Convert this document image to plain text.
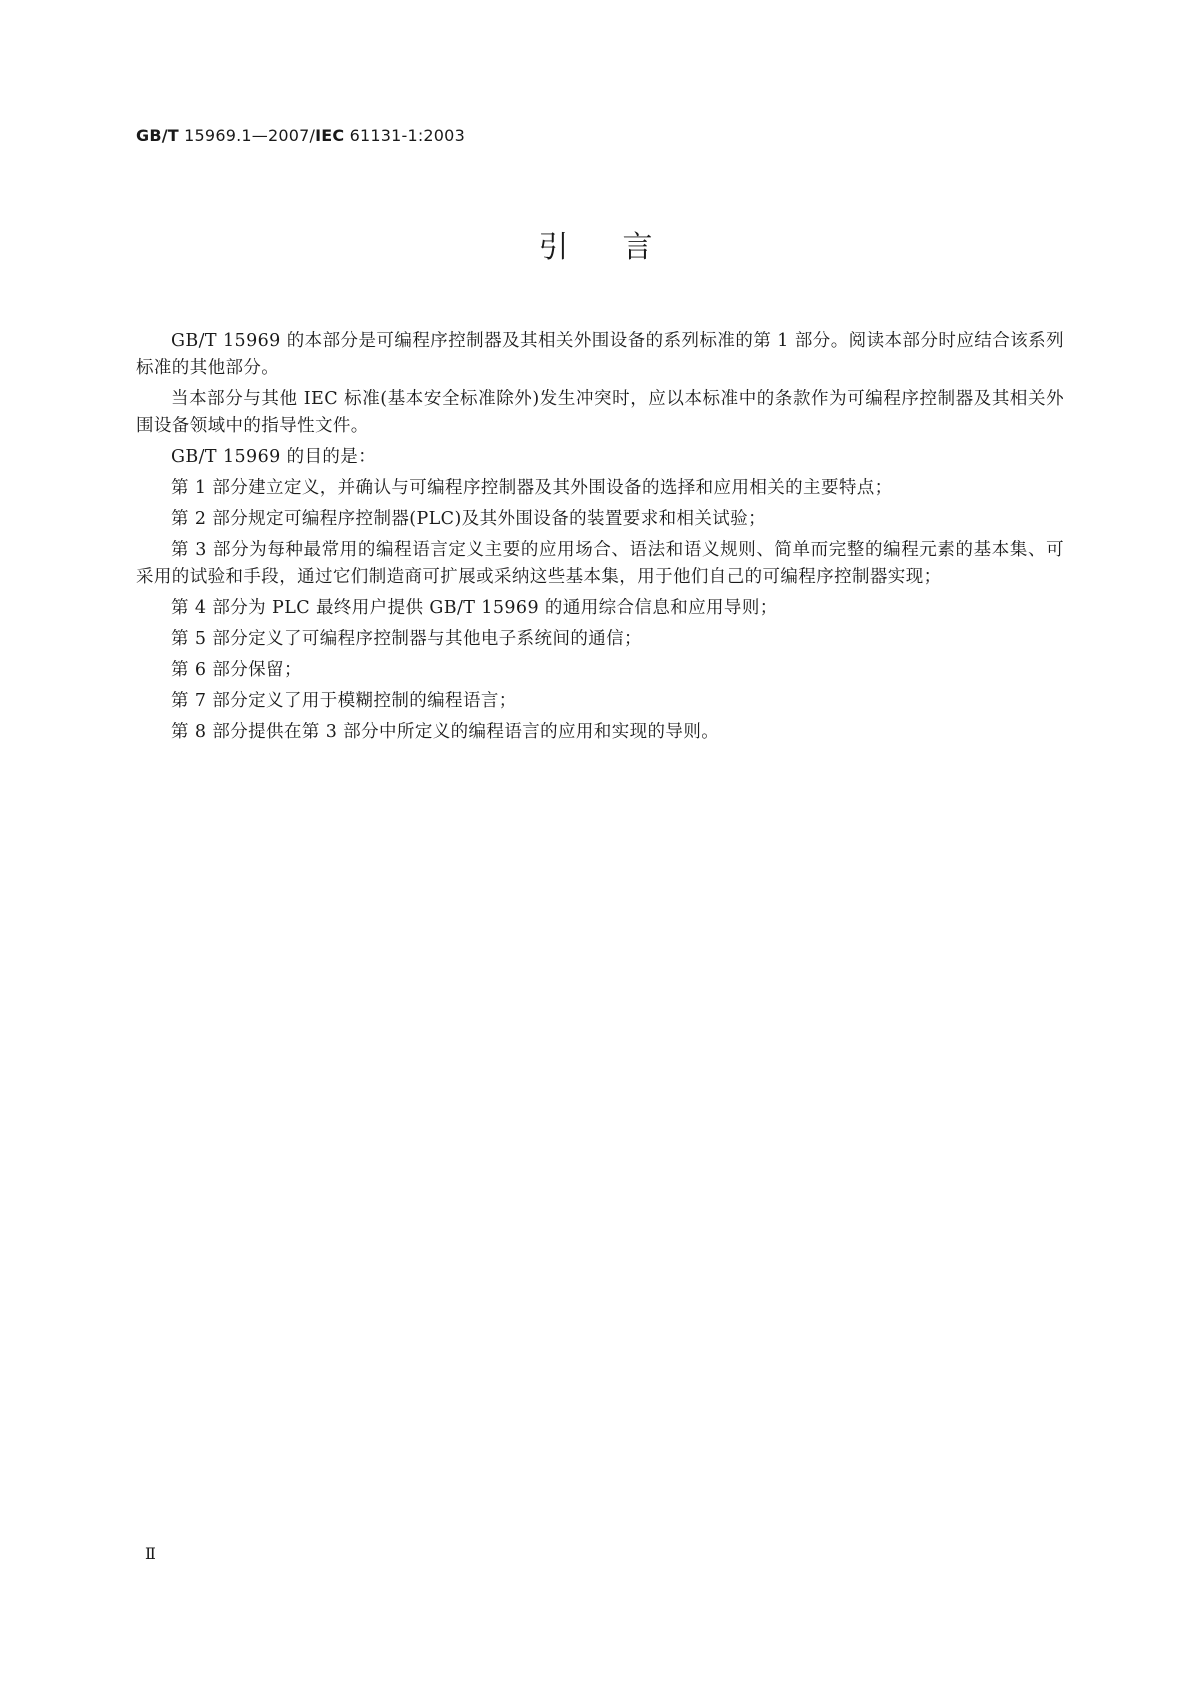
GB/T 15969.1—2007/IEC 61131-1:2003
引言

GB/T 15969 的本部分是可编程序控制器及其相关外围设备的系列标准的第 1 部分。阅读本部分时应结合该系列标准的其他部分。

当本部分与其他 IEC 标准(基本安全标准除外)发生冲突时，应以本标准中的条款作为可编程序控制器及其相关外围设备领域中的指导性文件。

GB/T 15969 的目的是：

第 1 部分建立定义，并确认与可编程序控制器及其外围设备的选择和应用相关的主要特点；

第 2 部分规定可编程序控制器(PLC)及其外围设备的装置要求和相关试验；

第 3 部分为每种最常用的编程语言定义主要的应用场合、语法和语义规则、简单而完整的编程元素的基本集、可采用的试验和手段，通过它们制造商可扩展或采纳这些基本集，用于他们自己的可编程序控制器实现；

第 4 部分为 PLC 最终用户提供 GB/T 15969 的通用综合信息和应用导则；

第 5 部分定义了可编程序控制器与其他电子系统间的通信；

第 6 部分保留；

第 7 部分定义了用于模糊控制的编程语言；

第 8 部分提供在第 3 部分中所定义的编程语言的应用和实现的导则。

Ⅱ
